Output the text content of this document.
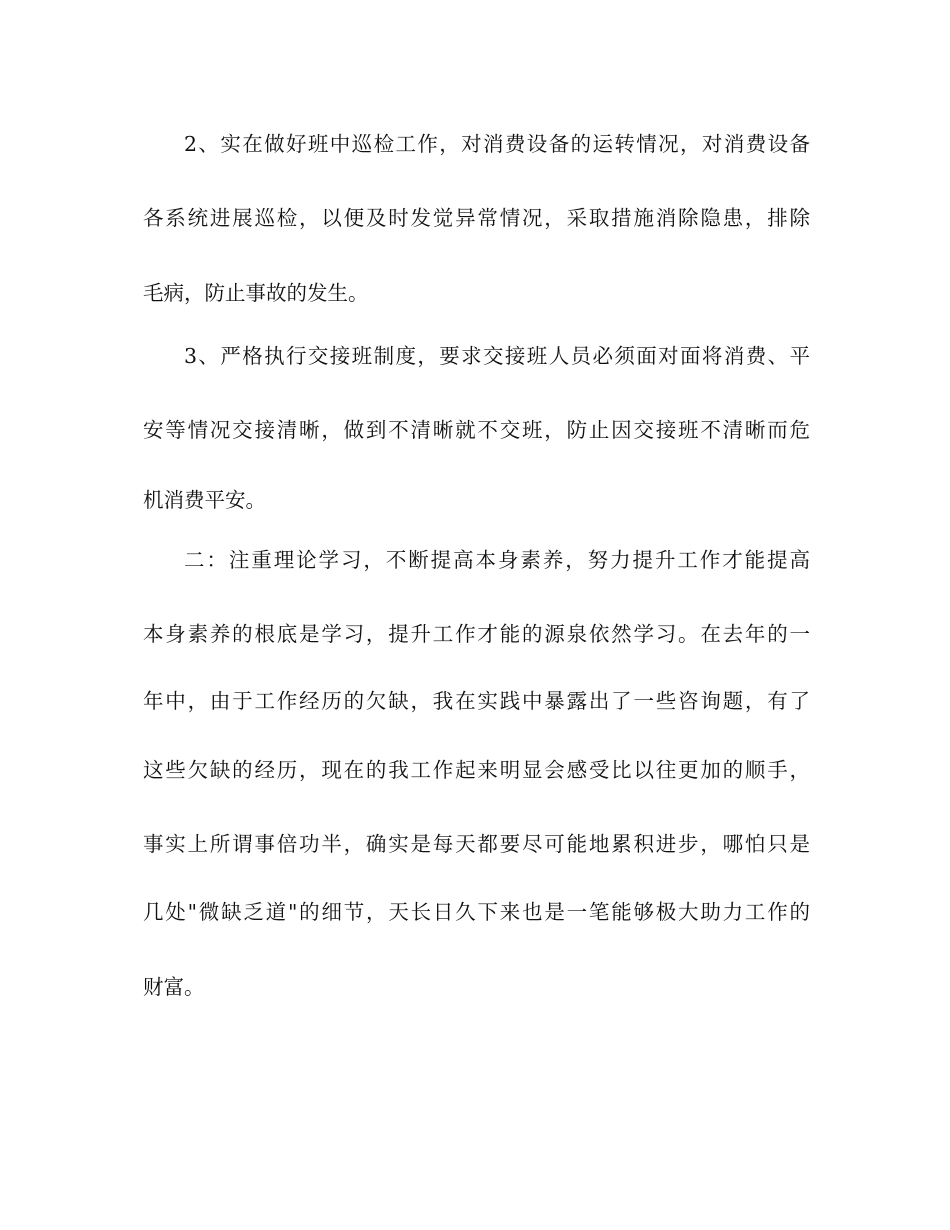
2、实在做好班中巡检工作，对消费设备的运转情况，对消费设备
各系统进展巡检，以便及时发觉异常情况，采取措施消除隐患，排除
毛病，防止事故的发生。
3、严格执行交接班制度，要求交接班人员必须面对面将消费、平
安等情况交接清晰，做到不清晰就不交班，防止因交接班不清晰而危
机消费平安。
二：注重理论学习，不断提高本身素养，努力提升工作才能提高
本身素养的根底是学习，提升工作才能的源泉依然学习。在去年的一
年中，由于工作经历的欠缺，我在实践中暴露出了一些咨询题，有了
这些欠缺的经历，现在的我工作起来明显会感受比以往更加的顺手，
事实上所谓事倍功半，确实是每天都要尽可能地累积进步，哪怕只是
几处"微缺乏道"的细节，天长日久下来也是一笔能够极大助力工作的
财富。
